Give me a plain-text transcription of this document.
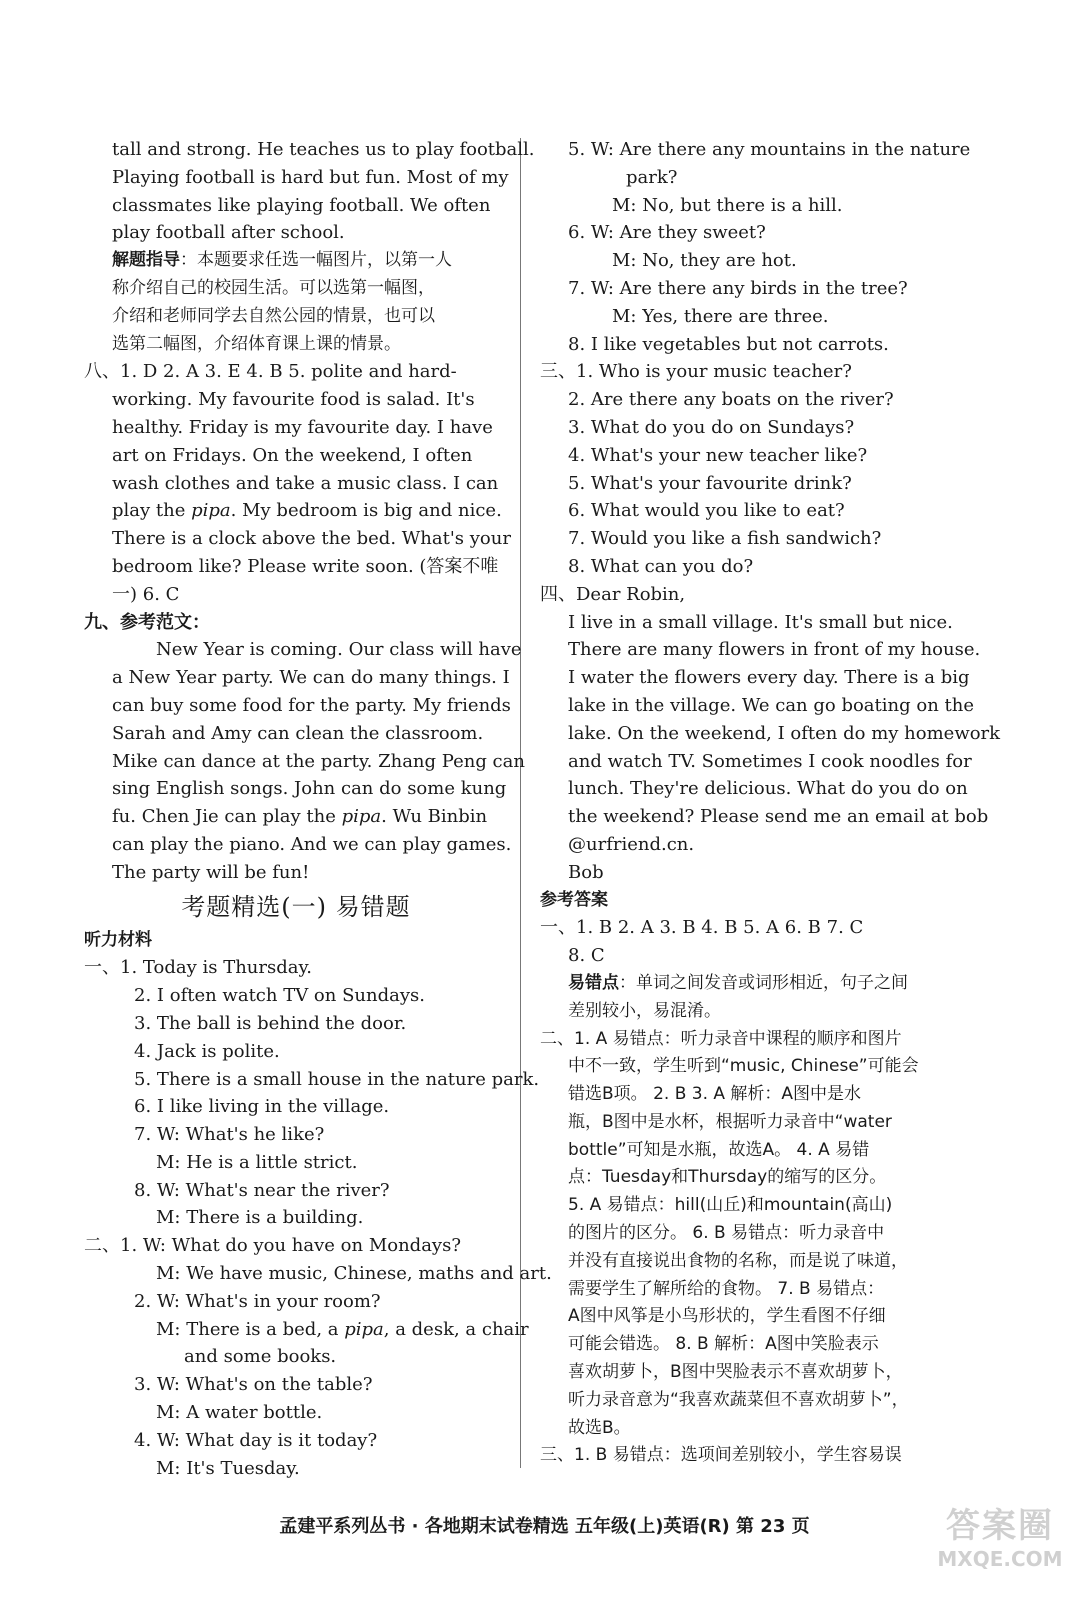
tall and strong. He teaches us to play football.
Playing football is hard but fun. Most of my
classmates like playing football. We often
play football after school.
解题指导：本题要求任选一幅图片，以第一人
称介绍自己的校园生活。可以选第一幅图，
介绍和老师同学去自然公园的情景，也可以
选第二幅图，介绍体育课上课的情景。
八、1. D 2. A 3. E 4. B 5. polite and hard-
working. My favourite food is salad. It's
healthy. Friday is my favourite day. I have
art on Fridays. On the weekend, I often
wash clothes and take a music class. I can
play the pipa. My bedroom is big and nice.
There is a clock above the bed. What's your
bedroom like? Please write soon. (答案不唯
一) 6. C
九、参考范文：
New Year is coming. Our class will have
a New Year party. We can do many things. I
can buy some food for the party. My friends
Sarah and Amy can clean the classroom.
Mike can dance at the party. Zhang Peng can
sing English songs. John can do some kung
fu. Chen Jie can play the pipa. Wu Binbin
can play the piano. And we can play games.
The party will be fun!
考题精选(一) 易错题
听力材料
一、1. Today is Thursday.
2. I often watch TV on Sundays.
3. The ball is behind the door.
4. Jack is polite.
5. There is a small house in the nature park.
6. I like living in the village.
7. W: What's he like?
M: He is a little strict.
8. W: What's near the river?
M: There is a building.
二、1. W: What do you have on Mondays?
M: We have music, Chinese, maths and art.
2. W: What's in your room?
M: There is a bed, a pipa, a desk, a chair
and some books.
3. W: What's on the table?
M: A water bottle.
4. W: What day is it today?
M: It's Tuesday.
5. W: Are there any mountains in the nature
park?
M: No, but there is a hill.
6. W: Are they sweet?
M: No, they are hot.
7. W: Are there any birds in the tree?
M: Yes, there are three.
8. I like vegetables but not carrots.
三、1. Who is your music teacher?
2. Are there any boats on the river?
3. What do you do on Sundays?
4. What's your new teacher like?
5. What's your favourite drink?
6. What would you like to eat?
7. Would you like a fish sandwich?
8. What can you do?
四、Dear Robin,
I live in a small village. It's small but nice.
There are many flowers in front of my house.
I water the flowers every day. There is a big
lake in the village. We can go boating on the
lake. On the weekend, I often do my homework
and watch TV. Sometimes I cook noodles for
lunch. They're delicious. What do you do on
the weekend? Please send me an email at bob
@urfriend.cn.
Bob
参考答案
一、1. B 2. A 3. B 4. B 5. A 6. B 7. C
8. C
易错点：单词之间发音或词形相近，句子之间
差别较小，易混淆。
二、1. A 易错点：听力录音中课程的顺序和图片
中不一致，学生听到“music, Chinese”可能会
错选B项。 2. B 3. A 解析：A图中是水
瓶，B图中是水杯，根据听力录音中“water
bottle”可知是水瓶，故选A。 4. A 易错
点：Tuesday和Thursday的缩写的区分。
5. A 易错点：hill(山丘)和mountain(高山)
的图片的区分。 6. B 易错点：听力录音中
并没有直接说出食物的名称，而是说了味道，
需要学生了解所给的食物。 7. B 易错点：
A图中风筝是小鸟形状的，学生看图不仔细
可能会错选。 8. B 解析：A图中笑脸表示
喜欢胡萝卜，B图中哭脸表示不喜欢胡萝卜，
听力录音意为“我喜欢蔬菜但不喜欢胡萝卜”，
故选B。
三、1. B 易错点：选项间差别较小，学生容易误
孟建平系列丛书 · 各地期末试卷精选 五年级(上)英语(R) 第 23 页	答案圈
MXQE.COM
